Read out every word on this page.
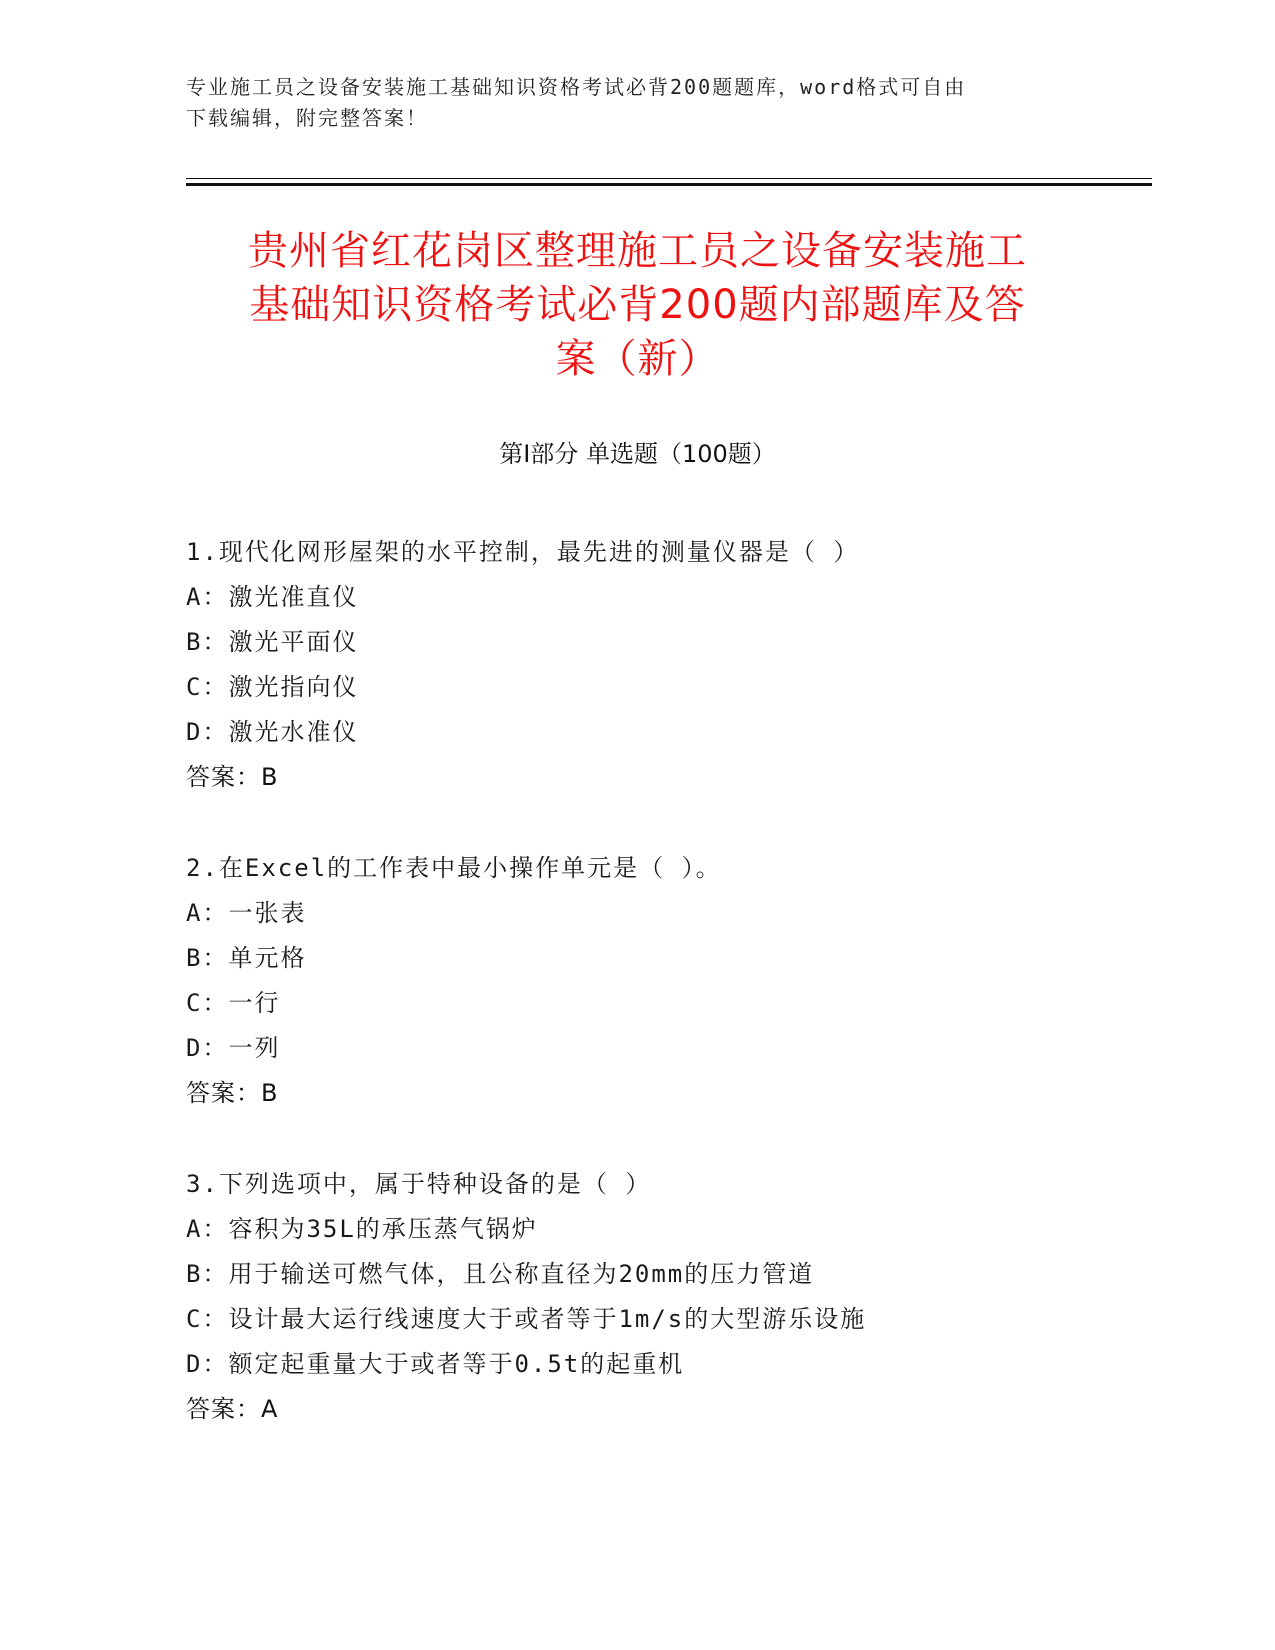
专业施工员之设备安装施工基础知识资格考试必背200题题库，word格式可自由
下载编辑，附完整答案！
贵州省红花岗区整理施工员之设备安装施工
基础知识资格考试必背200题内部题库及答
案（新）
第Ⅰ部分 单选题（100题）
1.现代化网形屋架的水平控制，最先进的测量仪器是（ ）
A：激光准直仪
B：激光平面仪
C：激光指向仪
D：激光水准仪
答案：B
2.在Excel的工作表中最小操作单元是（ ）。
A：一张表
B：单元格
C：一行
D：一列
答案：B
3.下列选项中，属于特种设备的是（ ）
A：容积为35L的承压蒸气锅炉
B：用于输送可燃气体，且公称直径为20mm的压力管道
C：设计最大运行线速度大于或者等于1m/s的大型游乐设施
D：额定起重量大于或者等于0.5t的起重机
答案：A
